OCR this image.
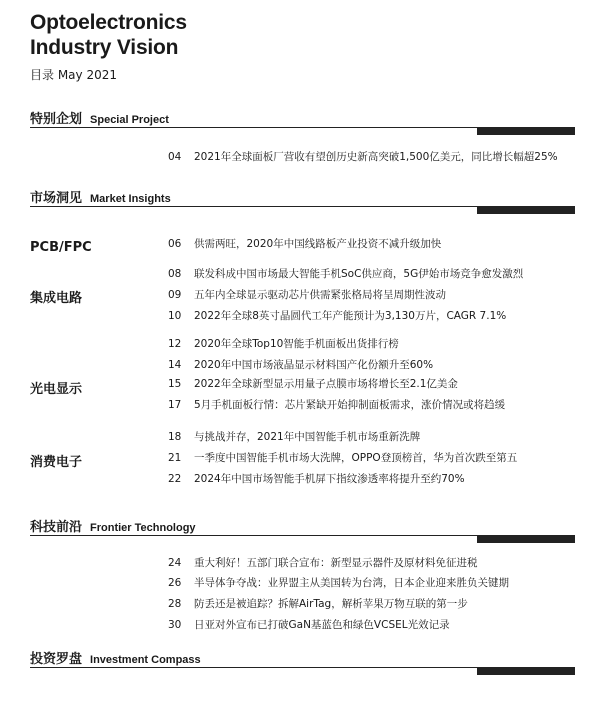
Optoelectronics
Industry Vision
目录 May 2021
特别企划 Special Project
04 2021年全球面板厂营收有望创历史新高突破1,500亿美元，同比增长幅超25%
市场洞见 Market Insights
PCB/FPC	06 供需两旺，2020年中国线路板产业投资不减升级加快
集成电路
08 联发科成中国市场最大智能手机SoC供应商，5G伊始市场竞争愈发激烈
09 五年内全球显示驱动芯片供需紧张格局将呈周期性波动
10 2022年全球8英寸晶圆代工年产能预计为3,130万片，CAGR 7.1%
光电显示
12 2020年全球Top10智能手机面板出货排行榜
14 2020年中国市场液晶显示材料国产化份额升至60%
15 2022年全球新型显示用量子点膜市场将增长至2.1亿美金
17 5月手机面板行情：芯片紧缺开始抑制面板需求，涨价情况或将趋缓
消费电子
18 与挑战并存，2021年中国智能手机市场重新洗牌
21 一季度中国智能手机市场大洗牌，OPPO登顶榜首，华为首次跌至第五
22 2024年中国市场智能手机屏下指纹渗透率将提升至约70%
科技前沿 Frontier Technology
24 重大利好！五部门联合宣布：新型显示器件及原材料免征进税
26 半导体争夺战：业界盟主从美国转为台湾，日本企业迎来胜负关键期
28 防丢还是被追踪？拆解AirTag，解析苹果万物互联的第一步
30 日亚对外宣布已打破GaN基蓝色和绿色VCSEL光效记录
投资罗盘 Investment Compass
